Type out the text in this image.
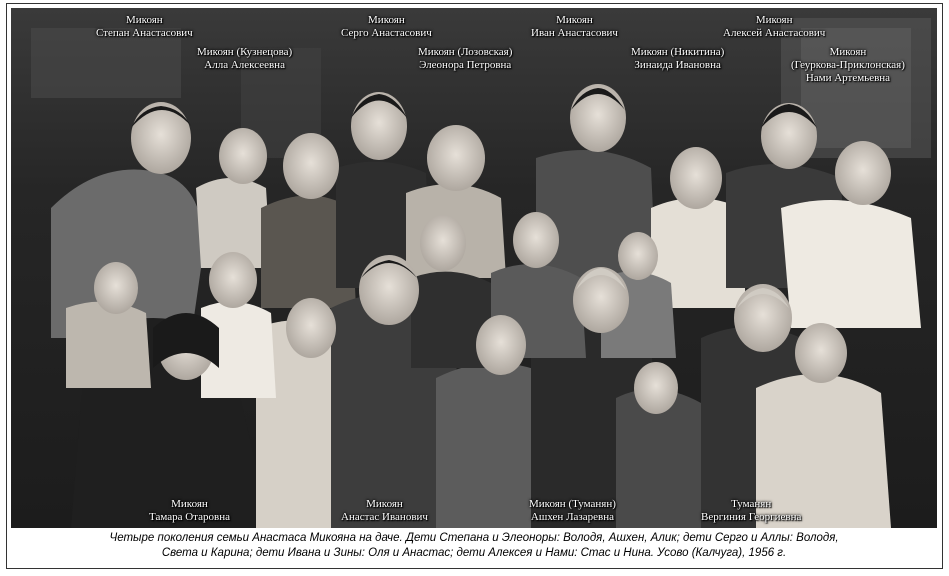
Микоян
Степан Анастасович
Микоян
Серго Анастасович
Микоян
Иван Анастасович
Микоян
Алексей Анастасович
Микоян (Кузнецова)
Алла Алексеевна
Микоян (Лозовская)
Элеонора Петровна
Микоян (Никитина)
Зинаида Ивановна
Микоян
(Геуркова-Приклонская)
Нами Артемьевна
Микоян
Тамара Отаровна
Микоян
Анастас Иванович
Микоян (Туманян)
Ашхен Лазаревна
Туманян
Вергиния Георгиевна
Четыре поколения семьи Анастаса Микояна на даче. Дети Степана и Элеоноры: Володя, Ашхен, Алик; дети Серго и Аллы: Володя,
Света и Карина; дети Ивана и Зины: Оля и Анастас; дети Алексея и Нами: Стас и Нина. Усово (Калчуга), 1956 г.
